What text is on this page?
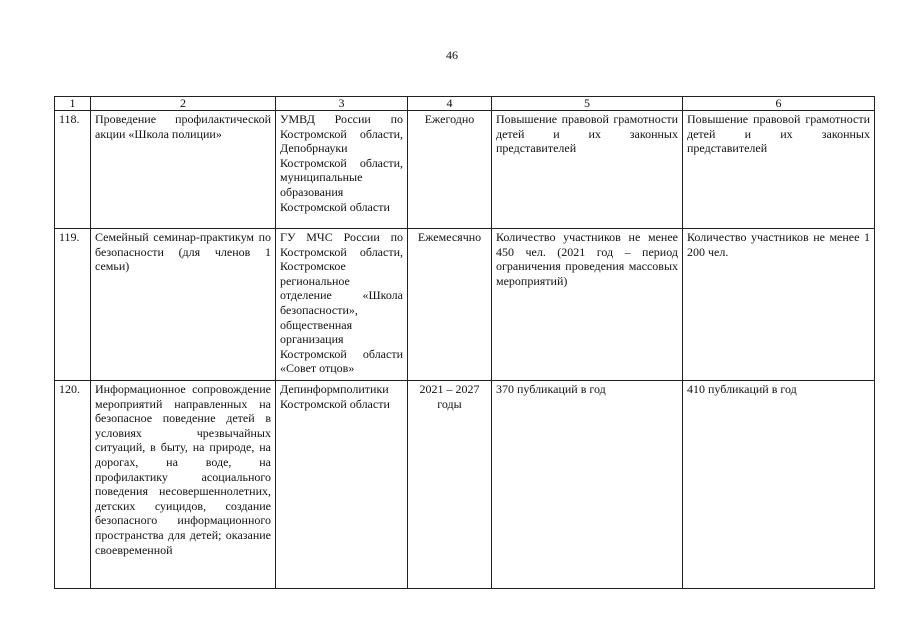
46
1	2	3	4	5	6
118.	Проведение профилактической акции «Школа полиции»	УМВД России по Костромской области, Депобрнауки Костромской области, муниципальные образования Костромской области	Ежегодно	Повышение правовой грамотности детей и их законных представителей	Повышение правовой грамотности детей и их законных представителей
119.	Семейный семинар-практикум по безопасности (для членов 1 семьи)	ГУ МЧС России по Костромской области, Костромское региональное отделение «Школа безопасности», общественная организация Костромской области «Совет отцов»	Ежемесячно	Количество участников не менее 450 чел. (2021 год – период ограничения проведения массовых мероприятий)	Количество участников не менее 1 200 чел.
120.	Информационное сопровождение мероприятий направленных на безопасное поведение детей в условиях чрезвычайных ситуаций, в быту, на природе, на дорогах, на воде, на профилактику асоциального поведения несовершеннолетних, детских суицидов, создание безопасного информационного пространства для детей; оказание своевременной	Депинформполитики Костромской области	2021 – 2027 годы	370 публикаций в год	410 публикаций в год
